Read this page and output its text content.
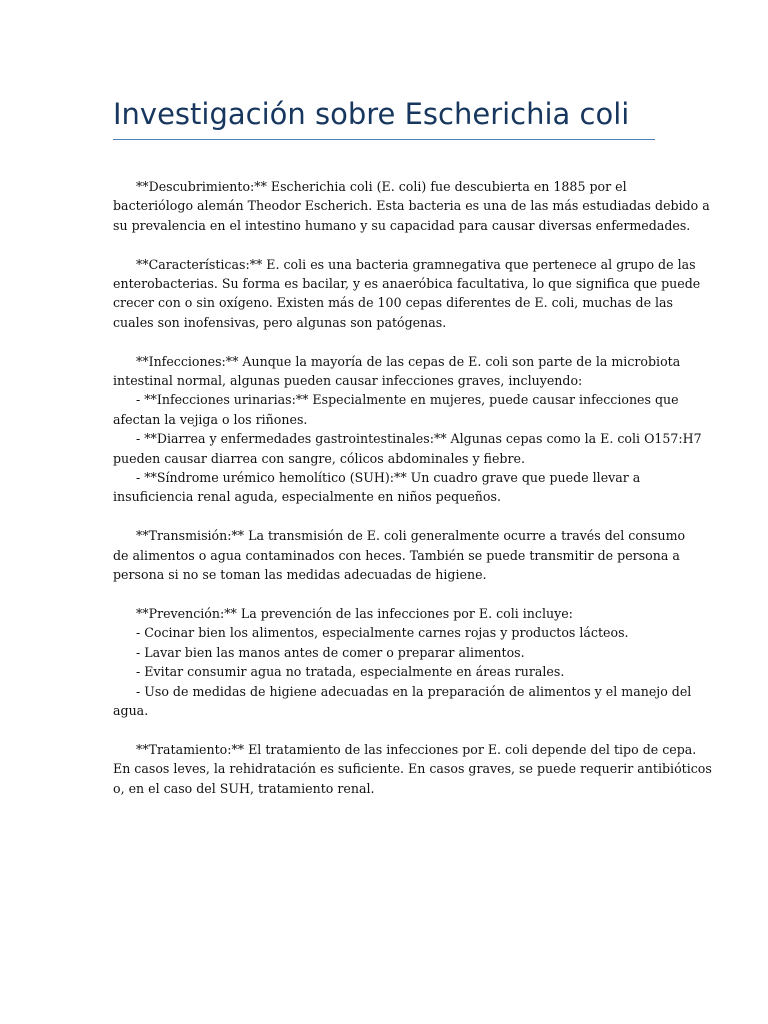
Investigación sobre Escherichia coli

**Descubrimiento:** Escherichia coli (E. coli) fue descubierta en 1885 por el
bacteriólogo alemán Theodor Escherich. Esta bacteria es una de las más estudiadas debido a
su prevalencia en el intestino humano y su capacidad para causar diversas enfermedades.

**Características:** E. coli es una bacteria gramnegativa que pertenece al grupo de las
enterobacterias. Su forma es bacilar, y es anaeróbica facultativa, lo que significa que puede
crecer con o sin oxígeno. Existen más de 100 cepas diferentes de E. coli, muchas de las
cuales son inofensivas, pero algunas son patógenas.

**Infecciones:** Aunque la mayoría de las cepas de E. coli son parte de la microbiota
intestinal normal, algunas pueden causar infecciones graves, incluyendo:
- **Infecciones urinarias:** Especialmente en mujeres, puede causar infecciones que
afectan la vejiga o los riñones.
- **Diarrea y enfermedades gastrointestinales:** Algunas cepas como la E. coli O157:H7
pueden causar diarrea con sangre, cólicos abdominales y fiebre.
- **Síndrome urémico hemolítico (SUH):** Un cuadro grave que puede llevar a
insuficiencia renal aguda, especialmente en niños pequeños.

**Transmisión:** La transmisión de E. coli generalmente ocurre a través del consumo
de alimentos o agua contaminados con heces. También se puede transmitir de persona a
persona si no se toman las medidas adecuadas de higiene.

**Prevención:** La prevención de las infecciones por E. coli incluye:
- Cocinar bien los alimentos, especialmente carnes rojas y productos lácteos.
- Lavar bien las manos antes de comer o preparar alimentos.
- Evitar consumir agua no tratada, especialmente en áreas rurales.
- Uso de medidas de higiene adecuadas en la preparación de alimentos y el manejo del
agua.

**Tratamiento:** El tratamiento de las infecciones por E. coli depende del tipo de cepa.
En casos leves, la rehidratación es suficiente. En casos graves, se puede requerir antibióticos
o, en el caso del SUH, tratamiento renal.
